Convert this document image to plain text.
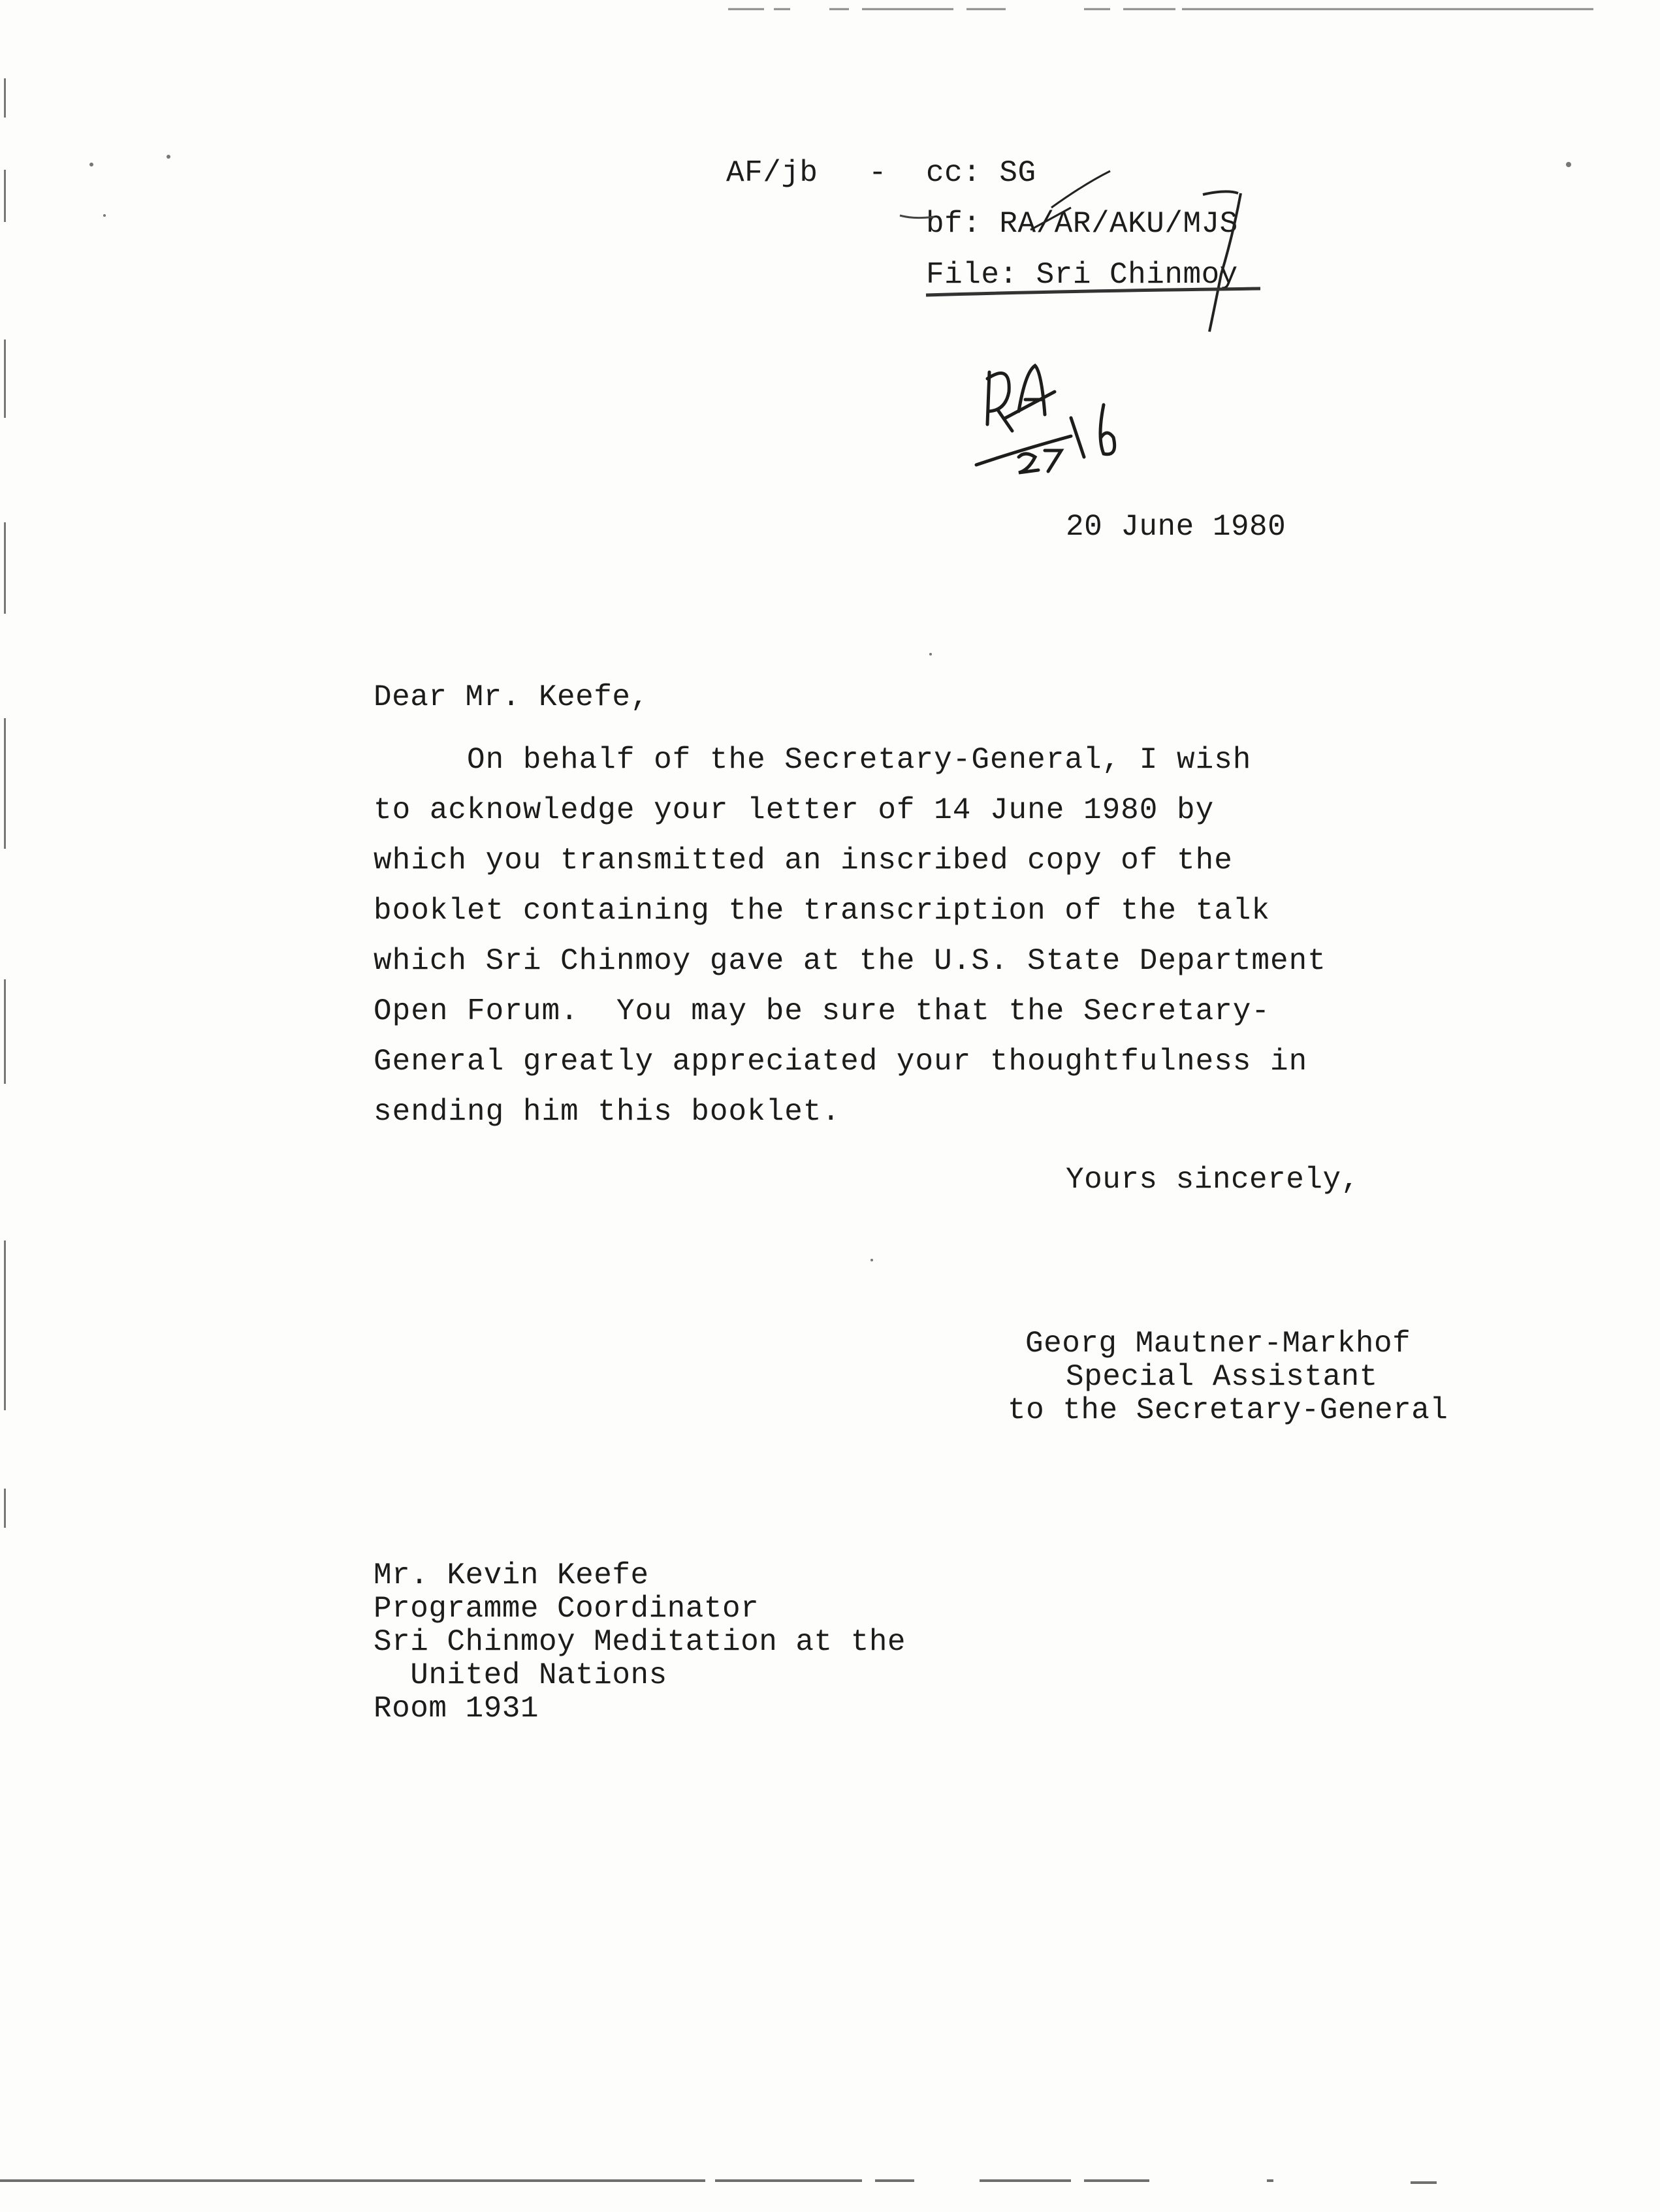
AF/jb - cc: SG
bf: RA/AR/AKU/MJS
File: Sri Chinmoy
20 June 1980
Dear Mr. Keefe,
On behalf of the Secretary-General, I wish
to acknowledge your letter of 14 June 1980 by
which you transmitted an inscribed copy of the
booklet containing the transcription of the talk
which Sri Chinmoy gave at the U.S. State Department
Open Forum.  You may be sure that the Secretary-
General greatly appreciated your thoughtfulness in
sending him this booklet.
Yours sincerely,
Georg Mautner-Markhof
Special Assistant
to the Secretary-General
Mr. Kevin Keefe
Programme Coordinator
Sri Chinmoy Meditation at the
United Nations
Room 1931
